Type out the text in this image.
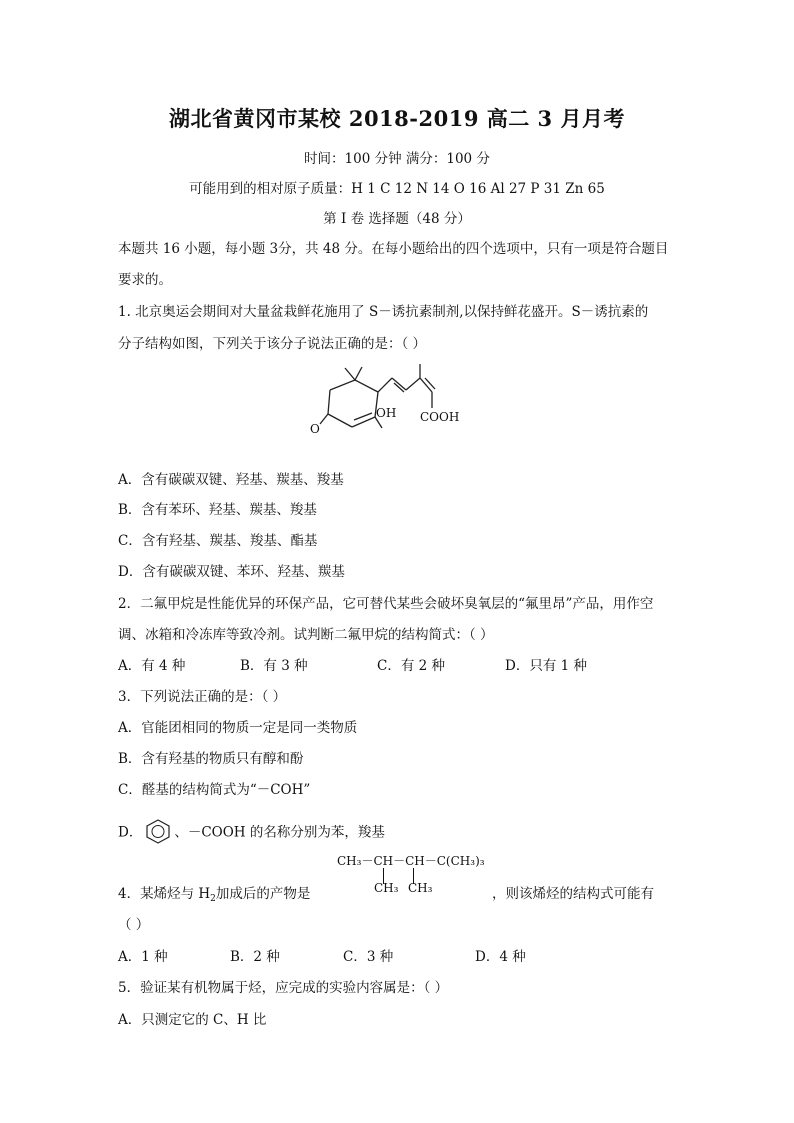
湖北省黄冈市某校 2018-2019 高二 3 月月考
时间：100 分钟 满分：100 分
可能用到的相对原子质量：H 1 C 12 N 14 O 16 Al 27 P 31 Zn 65
第 I 卷 选择题（48 分）
本题共 16 小题，每小题 3分，共 48 分。在每小题给出的四个选项中，只有一项是符合题目
要求的。
1. 北京奥运会期间对大量盆栽鲜花施用了 S－诱抗素制剂,以保持鲜花盛开。S－诱抗素的
分子结构如图，下列关于该分子说法正确的是：（ ）
OH
O
COOH
A．含有碳碳双键、羟基、羰基、羧基
B．含有苯环、羟基、羰基、羧基
C．含有羟基、羰基、羧基、酯基
D．含有碳碳双键、苯环、羟基、羰基
2．二氟甲烷是性能优异的环保产品，它可替代某些会破坏臭氧层的“氟里昂”产品，用作空
调、冰箱和冷冻库等致冷剂。试判断二氟甲烷的结构简式：（ ）
A．有 4 种	B．有 3 种	C．有 2 种	D．只有 1 种
3．下列说法正确的是：（ ）
A．官能团相同的物质一定是同一类物质
B．含有羟基的物质只有醇和酚
C．醛基的结构简式为“－COH”
D． 、－COOH 的名称分别为苯，羧基
CH₃－CH－CH－C(CH₃)₃
CH₃ CH₃
4．某烯烃与 $H_2$加成后的产物是	，则该烯烃的结构式可能有
（ ）
A．1 种	B．2 种	C．3 种	D．4 种
5．验证某有机物属于烃，应完成的实验内容属是：（ ）
A．只测定它的 C、H 比
